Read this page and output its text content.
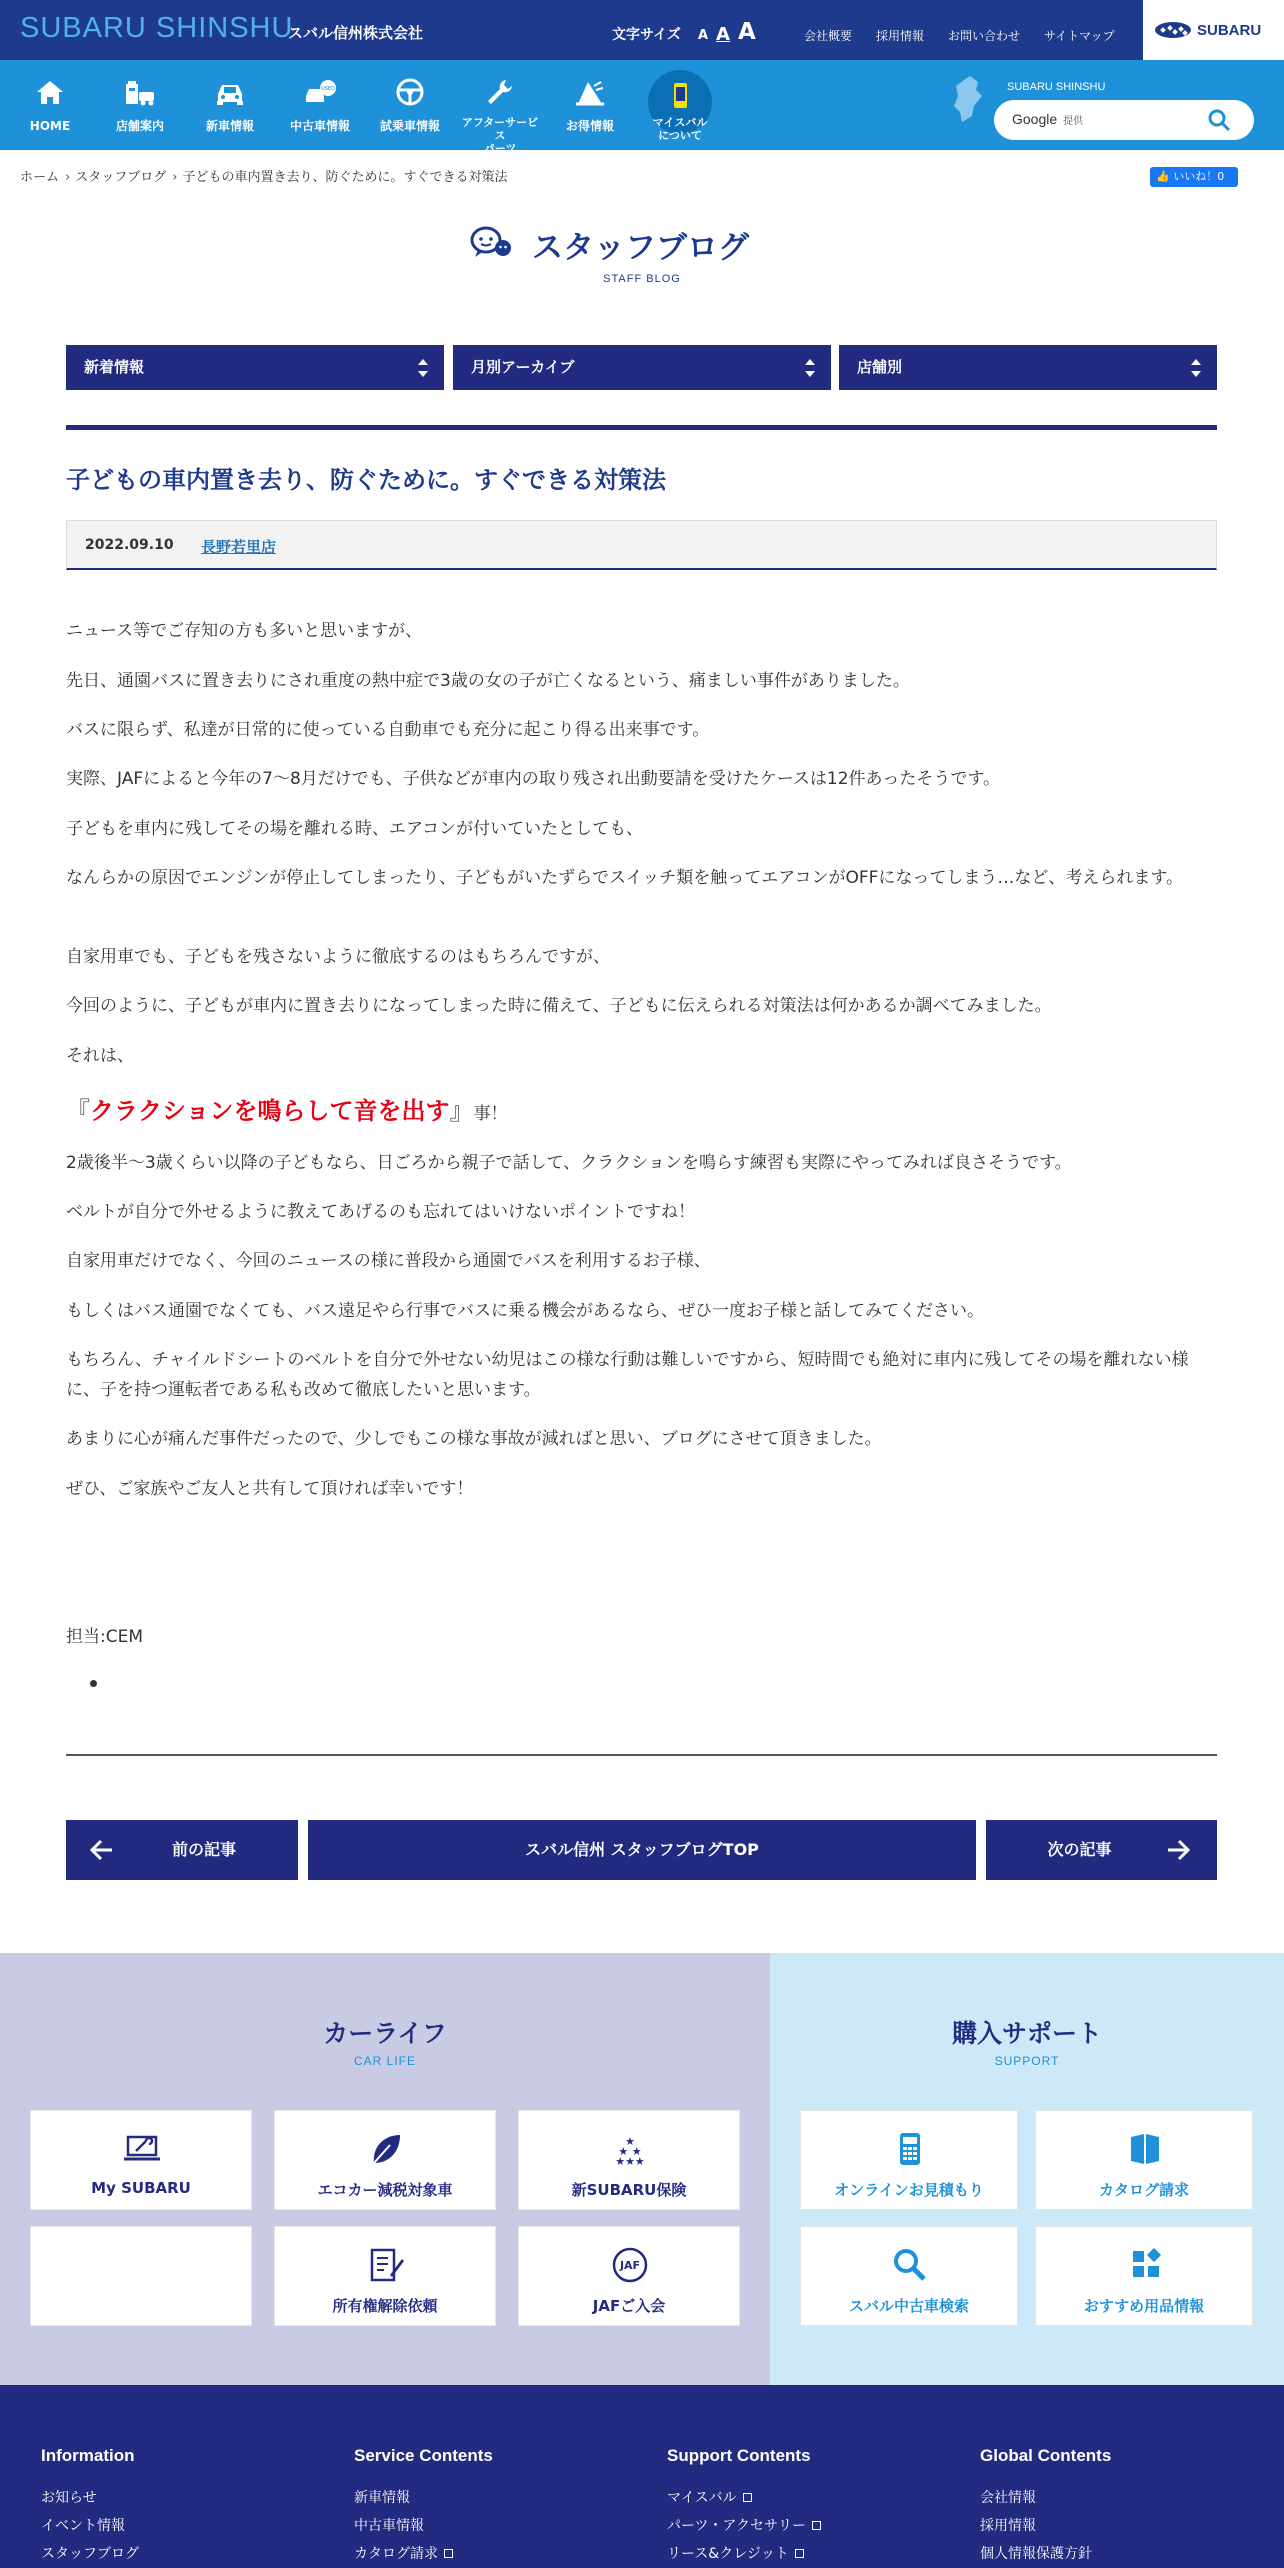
SUBARU SHINSHU
スバル信州株式会社	文字サイズ A A A	会社概要 採用情報 お問い合わせ サイトマップ	SUBARU
HOME	店舗案内	新車情報
USED
中古車情報	試乗車情報	アフターサービス
パーツ
お得情報	マイスバル
について
SUBARU SHINSHU
Google 提供
ホーム › スタッフブログ › 子どもの車内置き去り、防ぐために。すぐできる対策法	👍 いいね！0
スタッフブログ
STAFF BLOG
新着情報	月別アーカイブ	店舗別
子どもの車内置き去り、防ぐために。すぐできる対策法
2022.09.10 長野若里店
ニュース等でご存知の方も多いと思いますが、
先日、通園バスに置き去りにされ重度の熱中症で3歳の女の子が亡くなるという、痛ましい事件がありました。
バスに限らず、私達が日常的に使っている自動車でも充分に起こり得る出来事です。
実際、JAFによると今年の7〜8月だけでも、子供などが車内の取り残され出動要請を受けたケースは12件あったそうです。
子どもを車内に残してその場を離れる時、エアコンが付いていたとしても、
なんらかの原因でエンジンが停止してしまったり、子どもがいたずらでスイッチ類を触ってエアコンがOFFになってしまう…など、考えられます。
自家用車でも、子どもを残さないように徹底するのはもちろんですが、
今回のように、子どもが車内に置き去りになってしまった時に備えて、子どもに伝えられる対策法は何かあるか調べてみました。
それは、
『クラクションを鳴らして音を出す』事！
2歳後半〜3歳くらい以降の子どもなら、日ごろから親子で話して、クラクションを鳴らす練習も実際にやってみれば良さそうです。
ベルトが自分で外せるように教えてあげるのも忘れてはいけないポイントですね！
自家用車だけでなく、今回のニュースの様に普段から通園でバスを利用するお子様、
もしくはバス通園でなくても、バス遠足やら行事でバスに乗る機会があるなら、ぜひ一度お子様と話してみてください。
もちろん、チャイルドシートのベルトを自分で外せない幼児はこの様な行動は難しいですから、短時間でも絶対に車内に残してその場を離れない様に、子を持つ運転者である私も改めて徹底したいと思います。
あまりに心が痛んだ事件だったので、少しでもこの様な事故が減ればと思い、ブログにさせて頂きました。
ぜひ、ご家族やご友人と共有して頂ければ幸いです！
担当:CEM
前の記事	スバル信州 スタッフブログTOP	次の記事
カーライフ
CAR LIFE
My SUBARU	エコカー減税対象車
★
★ ★
★★★
新SUBARU保険
所有権解除依頼
JAF
JAFご入会
購入サポート
SUPPORT
オンラインお見積もり	カタログ請求
スバル中古車検索	おすすめ用品情報
Information
お知らせ
イベント情報
スタッフブログ
Service Contents
新車情報
中古車情報
カタログ請求
Support Contents
マイスバル
パーツ・アクセサリー
リース&クレジット
Global Contents
会社情報
採用情報
個人情報保護方針
